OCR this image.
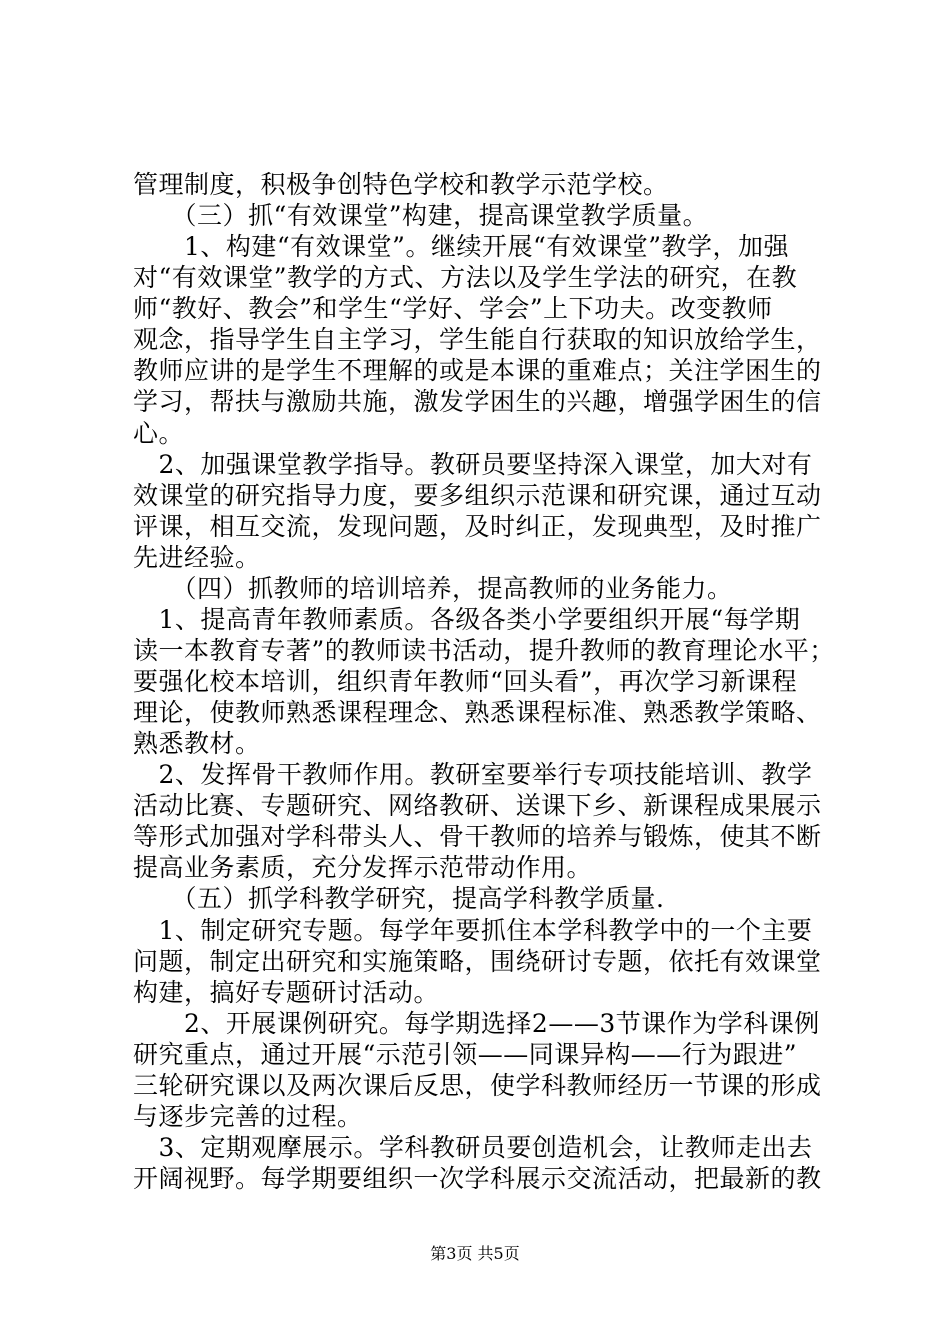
管理制度，积极争创特色学校和教学示范学校。
　　（三）抓“有效课堂”构建，提高课堂教学质量。
　　1、构建“有效课堂”。继续开展“有效课堂”教学，加强
对“有效课堂”教学的方式、方法以及学生学法的研究，在教
师“教好、教会”和学生“学好、学会”上下功夫。改变教师
观念，指导学生自主学习，学生能自行获取的知识放给学生，
教师应讲的是学生不理解的或是本课的重难点；关注学困生的
学习，帮扶与激励共施，激发学困生的兴趣，增强学困生的信
心。
　2、加强课堂教学指导。教研员要坚持深入课堂，加大对有
效课堂的研究指导力度，要多组织示范课和研究课，通过互动
评课，相互交流，发现问题，及时纠正，发现典型，及时推广
先进经验。
　　（四）抓教师的培训培养，提高教师的业务能力。
　1、提高青年教师素质。各级各类小学要组织开展“每学期
读一本教育专著”的教师读书活动，提升教师的教育理论水平；
要强化校本培训，组织青年教师“回头看”，再次学习新课程
理论，使教师熟悉课程理念、熟悉课程标准、熟悉教学策略、
熟悉教材。
　2、发挥骨干教师作用。教研室要举行专项技能培训、教学
活动比赛、专题研究、网络教研、送课下乡、新课程成果展示
等形式加强对学科带头人、骨干教师的培养与锻炼，使其不断
提高业务素质，充分发挥示范带动作用。
　　（五）抓学科教学研究，提高学科教学质量.
　1、制定研究专题。每学年要抓住本学科教学中的一个主要
问题，制定出研究和实施策略，围绕研讨专题，依托有效课堂
构建，搞好专题研讨活动。
　　2、开展课例研究。每学期选择2——3节课作为学科课例
研究重点，通过开展“示范引领——同课异构——行为跟进”
三轮研究课以及两次课后反思，使学科教师经历一节课的形成
与逐步完善的过程。
　3、定期观摩展示。学科教研员要创造机会，让教师走出去
开阔视野。每学期要组织一次学科展示交流活动，把最新的教
第3页 共5页
